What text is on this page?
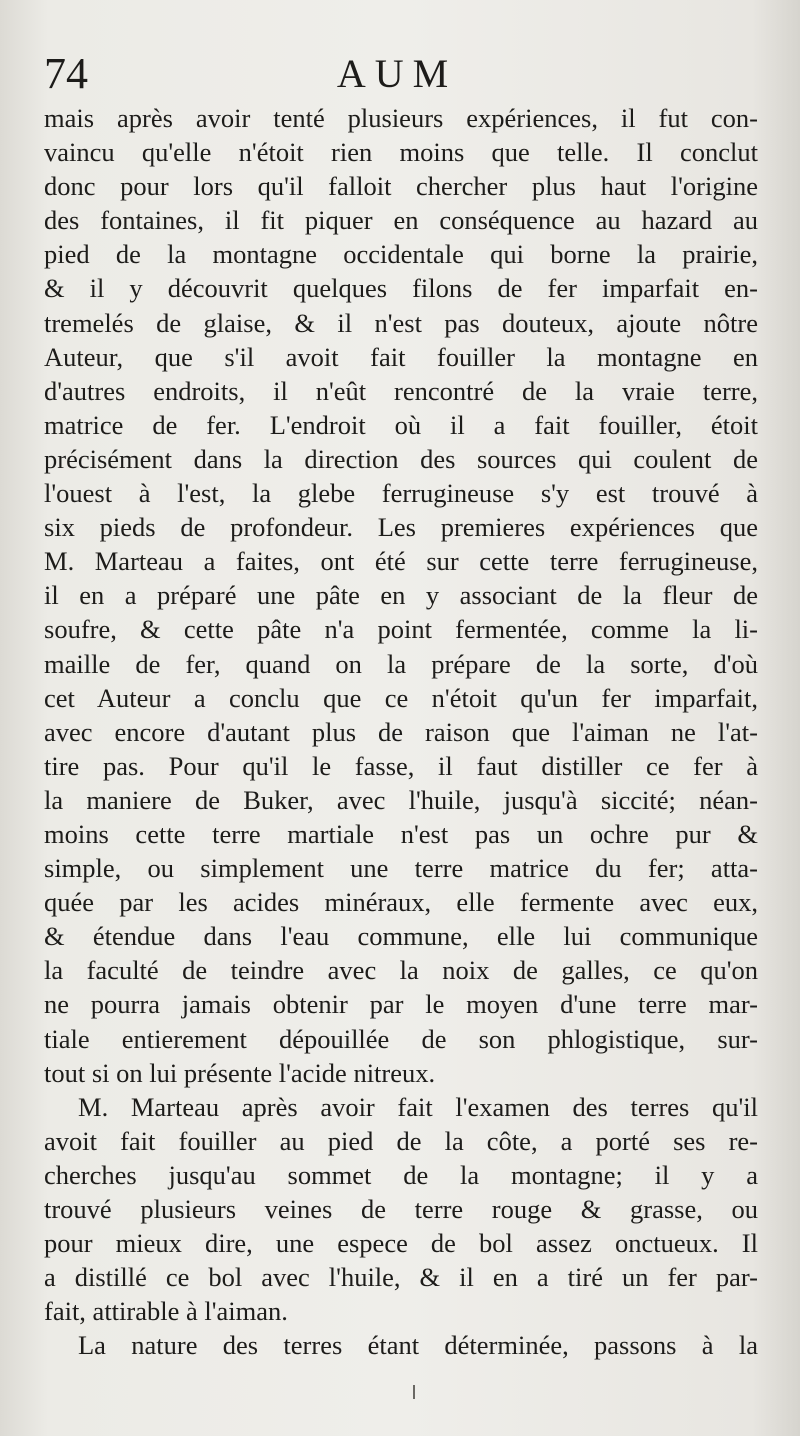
74	AUM
mais après avoir tenté plusieurs expériences, il fut con-
vaincu qu'elle n'étoit rien moins que telle. Il conclut
donc pour lors qu'il falloit chercher plus haut l'origine
des fontaines, il fit piquer en conséquence au hazard au
pied de la montagne occidentale qui borne la prairie,
& il y découvrit quelques filons de fer imparfait en-
tremelés de glaise, & il n'est pas douteux, ajoute nôtre
Auteur, que s'il avoit fait fouiller la montagne en
d'autres endroits, il n'eût rencontré de la vraie terre,
matrice de fer. L'endroit où il a fait fouiller, étoit
précisément dans la direction des sources qui coulent de
l'ouest à l'est, la glebe ferrugineuse s'y est trouvé à
six pieds de profondeur. Les premieres expériences que
M. Marteau a faites, ont été sur cette terre ferrugineuse,
il en a préparé une pâte en y associant de la fleur de
soufre, & cette pâte n'a point fermentée, comme la li-
maille de fer, quand on la prépare de la sorte, d'où
cet Auteur a conclu que ce n'étoit qu'un fer imparfait,
avec encore d'autant plus de raison que l'aiman ne l'at-
tire pas. Pour qu'il le fasse, il faut distiller ce fer à
la maniere de Buker, avec l'huile, jusqu'à siccité; néan-
moins cette terre martiale n'est pas un ochre pur &
simple, ou simplement une terre matrice du fer; atta-
quée par les acides minéraux, elle fermente avec eux,
& étendue dans l'eau commune, elle lui communique
la faculté de teindre avec la noix de galles, ce qu'on
ne pourra jamais obtenir par le moyen d'une terre mar-
tiale entierement dépouillée de son phlogistique, sur-
tout si on lui présente l'acide nitreux.
M. Marteau après avoir fait l'examen des terres qu'il
avoit fait fouiller au pied de la côte, a porté ses re-
cherches jusqu'au sommet de la montagne; il y a
trouvé plusieurs veines de terre rouge & grasse, ou
pour mieux dire, une espece de bol assez onctueux. Il
a distillé ce bol avec l'huile, & il en a tiré un fer par-
fait, attirable à l'aiman.
La nature des terres étant déterminée, passons à la
